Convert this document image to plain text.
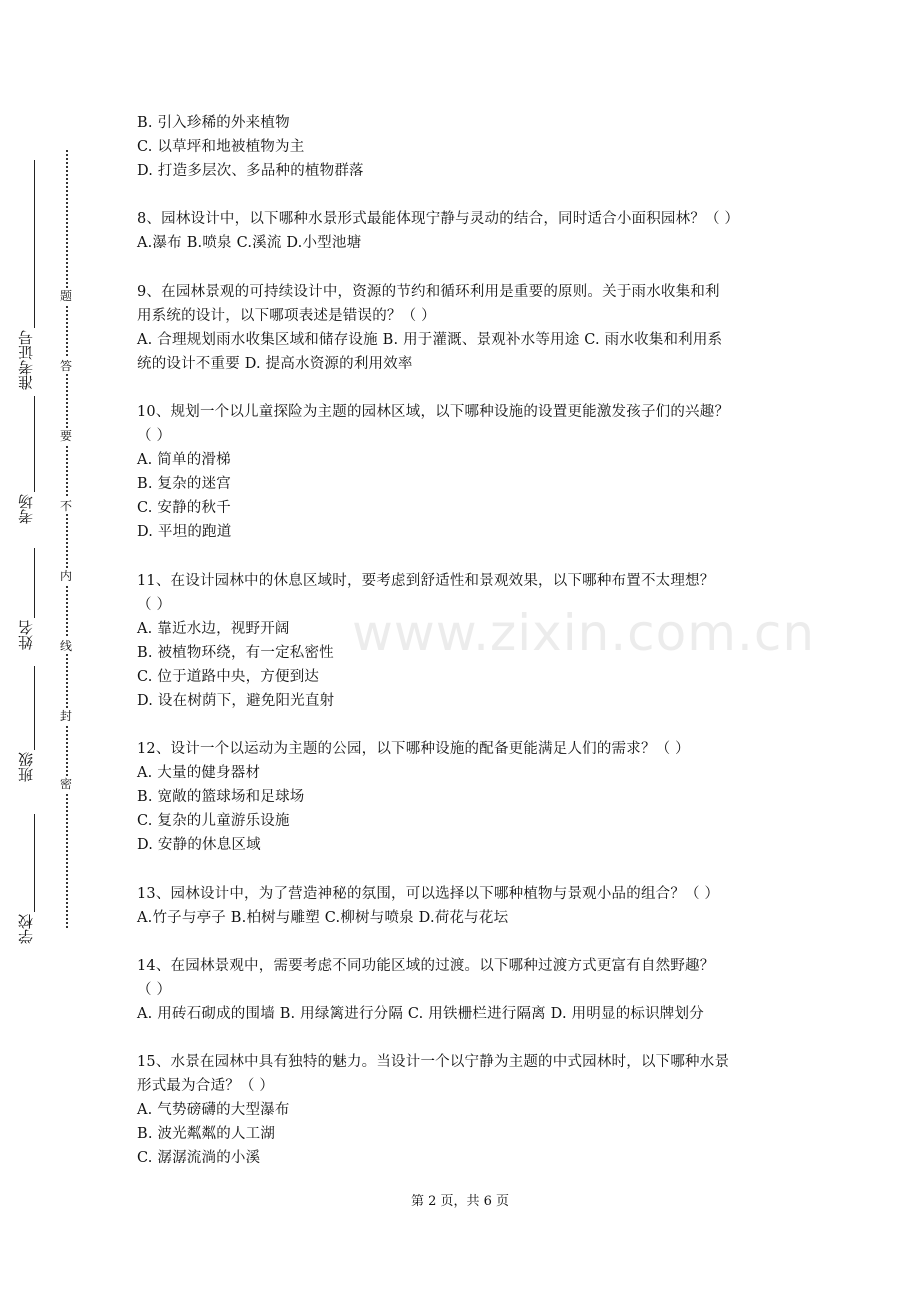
准考证号
考场
姓名
班级
学校
题
答
要
不
内
线
封
密
www.zixin.com.cn
B. 引入珍稀的外来植物
C. 以草坪和地被植物为主
D. 打造多层次、多品种的植物群落
8、园林设计中，以下哪种水景形式最能体现宁静与灵动的结合，同时适合小面积园林？（ ）
A.瀑布 B.喷泉 C.溪流 D.小型池塘
9、在园林景观的可持续设计中，资源的节约和循环利用是重要的原则。关于雨水收集和利
用系统的设计，以下哪项表述是错误的？（ ）
A. 合理规划雨水收集区域和储存设施 B. 用于灌溉、景观补水等用途 C. 雨水收集和利用系
统的设计不重要 D. 提高水资源的利用效率
10、规划一个以儿童探险为主题的园林区域，以下哪种设施的设置更能激发孩子们的兴趣？
（ ）
A. 简单的滑梯
B. 复杂的迷宫
C. 安静的秋千
D. 平坦的跑道
11、在设计园林中的休息区域时，要考虑到舒适性和景观效果，以下哪种布置不太理想？
（ ）
A. 靠近水边，视野开阔
B. 被植物环绕，有一定私密性
C. 位于道路中央，方便到达
D. 设在树荫下，避免阳光直射
12、设计一个以运动为主题的公园，以下哪种设施的配备更能满足人们的需求？（ ）
A. 大量的健身器材
B. 宽敞的篮球场和足球场
C. 复杂的儿童游乐设施
D. 安静的休息区域
13、园林设计中，为了营造神秘的氛围，可以选择以下哪种植物与景观小品的组合？（ ）
A.竹子与亭子 B.柏树与雕塑 C.柳树与喷泉 D.荷花与花坛
14、在园林景观中，需要考虑不同功能区域的过渡。以下哪种过渡方式更富有自然野趣？
（ ）
A. 用砖石砌成的围墙 B. 用绿篱进行分隔 C. 用铁栅栏进行隔离 D. 用明显的标识牌划分
15、水景在园林中具有独特的魅力。当设计一个以宁静为主题的中式园林时，以下哪种水景
形式最为合适？（ ）
A. 气势磅礴的大型瀑布
B. 波光粼粼的人工湖
C. 潺潺流淌的小溪
第 2 页，共 6 页
